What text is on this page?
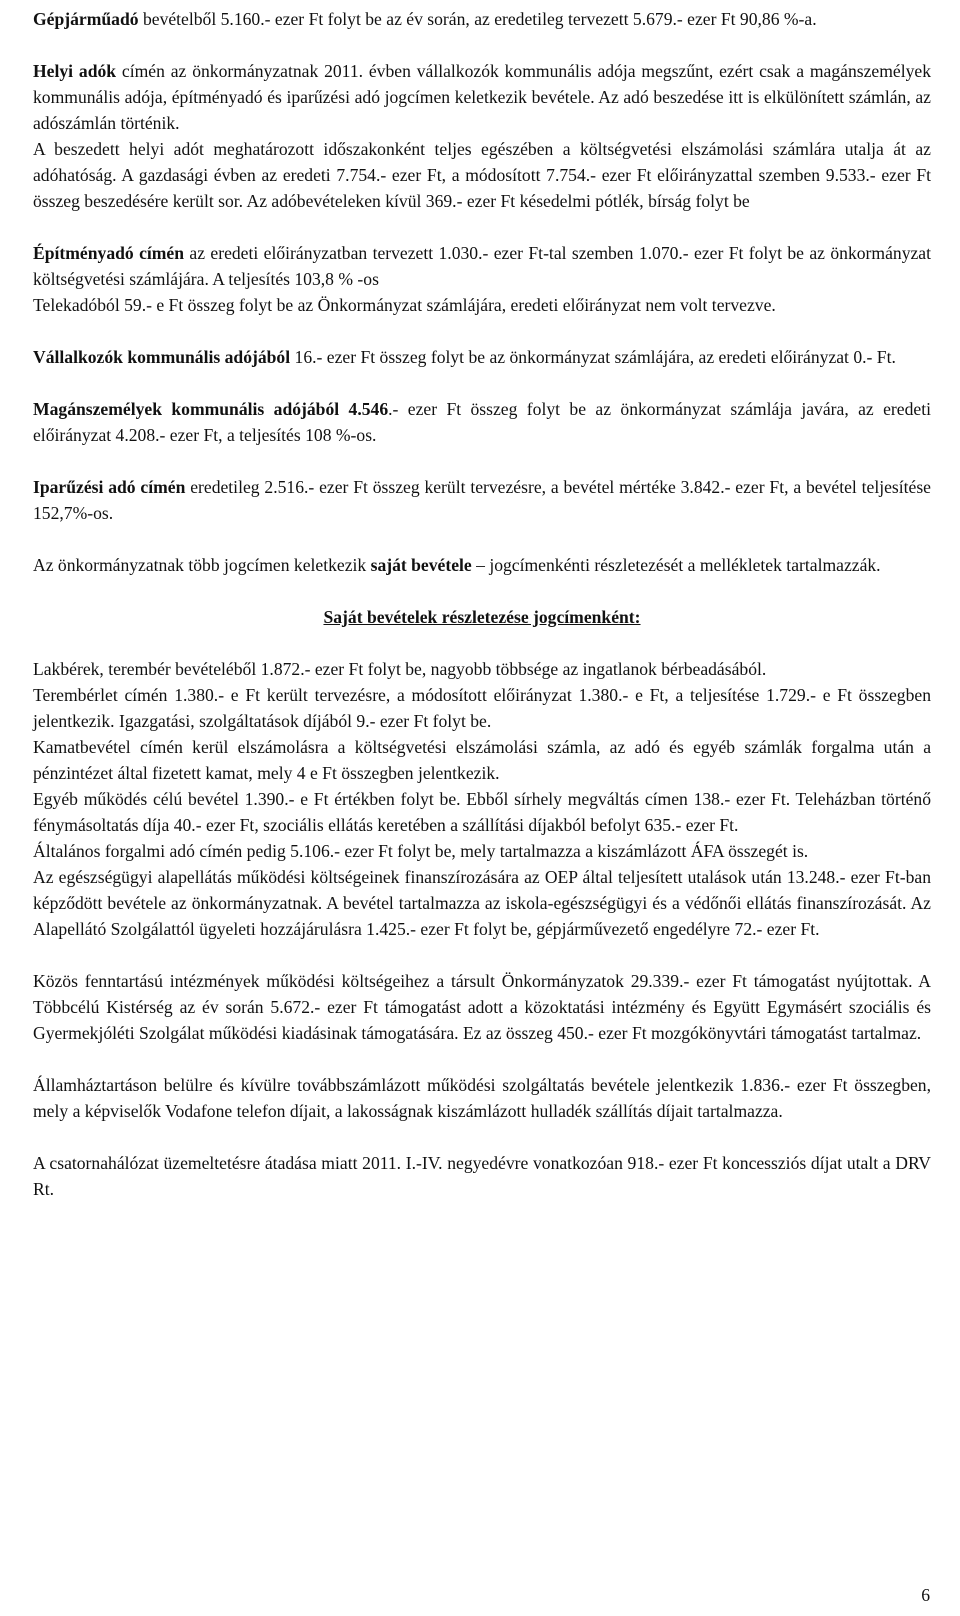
Gépjárműadó bevételből 5.160.- ezer Ft folyt be az év során, az eredetileg tervezett 5.679.- ezer Ft 90,86 %-a.

Helyi adók címén az önkormányzatnak 2011. évben vállalkozók kommunális adója megszűnt, ezért csak a magánszemélyek kommunális adója, építményadó és iparűzési adó jogcímen keletkezik bevétele. Az adó beszedése itt is elkülönített számlán, az adószámlán történik.

A beszedett helyi adót meghatározott időszakonként teljes egészében a költségvetési elszámolási számlára utalja át az adóhatóság. A gazdasági évben az eredeti 7.754.- ezer Ft, a módosított 7.754.- ezer Ft előirányzattal szemben 9.533.- ezer Ft összeg beszedésére került sor. Az adóbevételeken kívül 369.- ezer Ft késedelmi pótlék, bírság folyt be

Építményadó címén az eredeti előirányzatban tervezett 1.030.- ezer Ft-tal szemben 1.070.- ezer Ft folyt be az önkormányzat költségvetési számlájára. A teljesítés 103,8 % -os

Telekadóból 59.- e Ft összeg folyt be az Önkormányzat számlájára, eredeti előirányzat nem volt tervezve.

Vállalkozók kommunális adójából 16.- ezer Ft összeg folyt be az önkormányzat számlájára, az eredeti előirányzat 0.- Ft.

Magánszemélyek kommunális adójából 4.546.- ezer Ft összeg folyt be az önkormányzat számlája javára, az eredeti előirányzat 4.208.- ezer Ft, a teljesítés 108 %-os.

Iparűzési adó címén eredetileg 2.516.- ezer Ft összeg került tervezésre, a bevétel mértéke 3.842.- ezer Ft, a bevétel teljesítése 152,7%-os.

Az önkormányzatnak több jogcímen keletkezik saját bevétele – jogcímenkénti részletezését a mellékletek tartalmazzák.

Saját bevételek részletezése jogcímenként:

Lakbérek, terembér bevételéből 1.872.- ezer Ft folyt be, nagyobb többsége az ingatlanok bérbeadásából.

Terembérlet címén 1.380.- e Ft került tervezésre, a módosított előirányzat 1.380.- e Ft, a teljesítése 1.729.- e Ft összegben jelentkezik. Igazgatási, szolgáltatások díjából 9.- ezer Ft folyt be.

Kamatbevétel címén kerül elszámolásra a költségvetési elszámolási számla, az adó és egyéb számlák forgalma után a pénzintézet által fizetett kamat, mely 4 e Ft összegben jelentkezik.

Egyéb működés célú bevétel 1.390.- e Ft értékben folyt be. Ebből sírhely megváltás címen 138.- ezer Ft. Teleházban történő fénymásoltatás díja 40.- ezer Ft, szociális ellátás keretében a szállítási díjakból befolyt 635.- ezer Ft.

Általános forgalmi adó címén pedig 5.106.- ezer Ft folyt be, mely tartalmazza a kiszámlázott ÁFA összegét is.

Az egészségügyi alapellátás működési költségeinek finanszírozására az OEP által teljesített utalások után 13.248.- ezer Ft-ban képződött bevétele az önkormányzatnak. A bevétel tartalmazza az iskola-egészségügyi és a védőnői ellátás finanszírozását. Az Alapellátó Szolgálattól ügyeleti hozzájárulásra 1.425.- ezer Ft folyt be, gépjárművezető engedélyre 72.- ezer Ft.

Közös fenntartású intézmények működési költségeihez a társult Önkormányzatok 29.339.- ezer Ft támogatást nyújtottak. A Többcélú Kistérség az év során 5.672.- ezer Ft támogatást adott a közoktatási intézmény és Együtt Egymásért szociális és Gyermekjóléti Szolgálat működési kiadásinak támogatására. Ez az összeg 450.- ezer Ft mozgókönyvtári támogatást tartalmaz.

Államháztartáson belülre és kívülre továbbszámlázott működési szolgáltatás bevétele jelentkezik 1.836.- ezer Ft összegben, mely a képviselők Vodafone telefon díjait, a lakosságnak kiszámlázott hulladék szállítás díjait tartalmazza.

A csatornahálózat üzemeltetésre átadása miatt 2011. I.-IV. negyedévre vonatkozóan 918.- ezer Ft koncessziós díjat utalt a DRV Rt.

6
